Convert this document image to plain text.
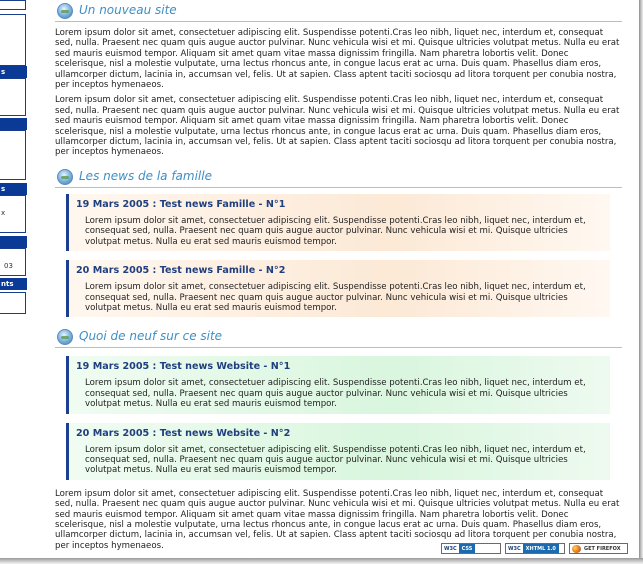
s
s
x
03
nts
Un nouveau site

Lorem ipsum dolor sit amet, consectetuer adipiscing elit. Suspendisse potenti.Cras leo nibh, liquet nec, interdum et, consequat sed, nulla. Praesent nec quam quis augue auctor pulvinar. Nunc vehicula wisi et mi. Quisque ultricies volutpat metus. Nulla eu erat sed mauris euismod tempor. Aliquam sit amet quam vitae massa dignissim fringilla. Nam pharetra lobortis velit. Donec scelerisque, nisl a molestie vulputate, urna lectus rhoncus ante, in congue lacus erat ac urna. Duis quam. Phasellus diam eros, ullamcorper dictum, lacinia in, accumsan vel, felis. Ut at sapien. Class aptent taciti sociosqu ad litora torquent per conubia nostra, per inceptos hymenaeos.

Lorem ipsum dolor sit amet, consectetuer adipiscing elit. Suspendisse potenti.Cras leo nibh, liquet nec, interdum et, consequat sed, nulla. Praesent nec quam quis augue auctor pulvinar. Nunc vehicula wisi et mi. Quisque ultricies volutpat metus. Nulla eu erat sed mauris euismod tempor. Aliquam sit amet quam vitae massa dignissim fringilla. Nam pharetra lobortis velit. Donec scelerisque, nisl a molestie vulputate, urna lectus rhoncus ante, in congue lacus erat ac urna. Duis quam. Phasellus diam eros, ullamcorper dictum, lacinia in, accumsan vel, felis. Ut at sapien. Class aptent taciti sociosqu ad litora torquent per conubia nostra, per inceptos hymenaeos.

Les news de la famille
19 Mars 2005 : Test news Famille - N°1
Lorem ipsum dolor sit amet, consectetuer adipiscing elit. Suspendisse potenti.Cras leo nibh, liquet nec, interdum et, consequat sed, nulla. Praesent nec quam quis augue auctor pulvinar. Nunc vehicula wisi et mi. Quisque ultricies volutpat metus. Nulla eu erat sed mauris euismod tempor.
20 Mars 2005 : Test news Famille - N°2
Lorem ipsum dolor sit amet, consectetuer adipiscing elit. Suspendisse potenti.Cras leo nibh, liquet nec, interdum et, consequat sed, nulla. Praesent nec quam quis augue auctor pulvinar. Nunc vehicula wisi et mi. Quisque ultricies volutpat metus. Nulla eu erat sed mauris euismod tempor.
Quoi de neuf sur ce site
19 Mars 2005 : Test news Website - N°1
Lorem ipsum dolor sit amet, consectetuer adipiscing elit. Suspendisse potenti.Cras leo nibh, liquet nec, interdum et, consequat sed, nulla. Praesent nec quam quis augue auctor pulvinar. Nunc vehicula wisi et mi. Quisque ultricies volutpat metus. Nulla eu erat sed mauris euismod tempor.
20 Mars 2005 : Test news Website - N°2
Lorem ipsum dolor sit amet, consectetuer adipiscing elit. Suspendisse potenti.Cras leo nibh, liquet nec, interdum et, consequat sed, nulla. Praesent nec quam quis augue auctor pulvinar. Nunc vehicula wisi et mi. Quisque ultricies volutpat metus. Nulla eu erat sed mauris euismod tempor.

Lorem ipsum dolor sit amet, consectetuer adipiscing elit. Suspendisse potenti.Cras leo nibh, liquet nec, interdum et, consequat sed, nulla. Praesent nec quam quis augue auctor pulvinar. Nunc vehicula wisi et mi. Quisque ultricies volutpat metus. Nulla eu erat sed mauris euismod tempor. Aliquam sit amet quam vitae massa dignissim fringilla. Nam pharetra lobortis velit. Donec scelerisque, nisl a molestie vulputate, urna lectus rhoncus ante, in congue lacus erat ac urna. Duis quam. Phasellus diam eros, ullamcorper dictum, lacinia in, accumsan vel, felis. Ut at sapien. Class aptent taciti sociosqu ad litora torquent per conubia nostra, per inceptos hymenaeos.	W3C CSS	W3C XHTML 1.0	GET FIREFOX
